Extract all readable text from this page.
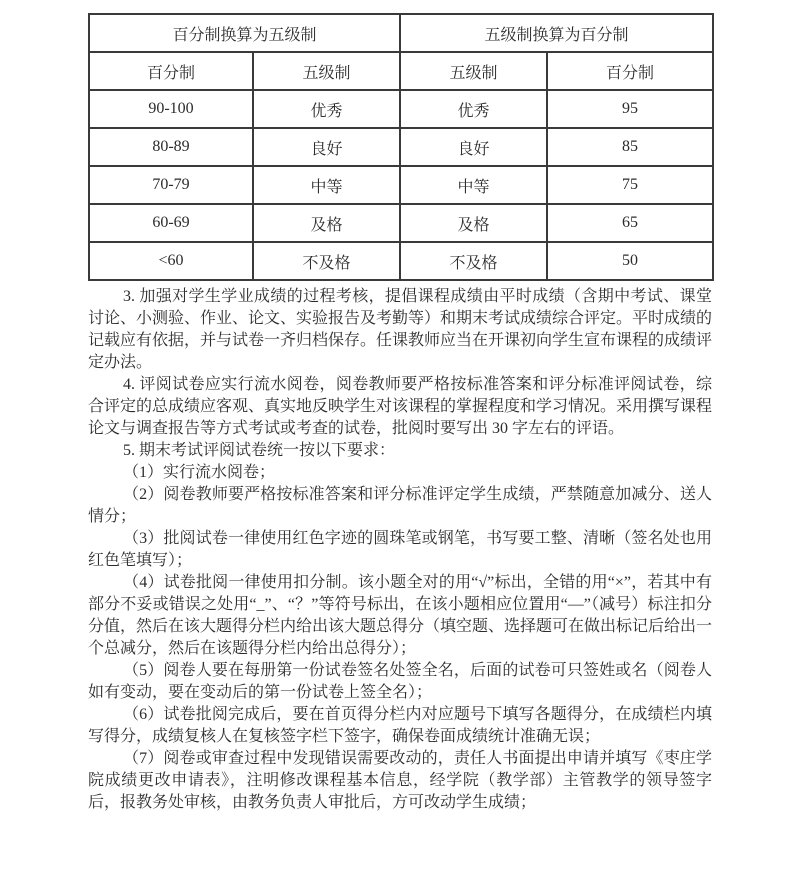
百分制换算为五级制		五级制换算为百分制	
百分制	五级制	五级制	百分制
90-100	优秀	优秀	95
80-89	良好	良好	85
70-79	中等	中等	75
60-69	及格	及格	65
<60	不及格	不及格	50

3. 加强对学生学业成绩的过程考核，提倡课程成绩由平时成绩（含期中考试、课堂讨论、小测验、作业、论文、实验报告及考勤等）和期末考试成绩综合评定。平时成绩的记载应有依据，并与试卷一齐归档保存。任课教师应当在开课初向学生宣布课程的成绩评定办法。

4. 评阅试卷应实行流水阅卷，阅卷教师要严格按标准答案和评分标准评阅试卷，综合评定的总成绩应客观、真实地反映学生对该课程的掌握程度和学习情况。采用撰写课程论文与调查报告等方式考试或考查的试卷，批阅时要写出 30 字左右的评语。

5. 期末考试评阅试卷统一按以下要求：

（1）实行流水阅卷；

（2）阅卷教师要严格按标准答案和评分标准评定学生成绩，严禁随意加减分、送人情分；

（3）批阅试卷一律使用红色字迹的圆珠笔或钢笔，书写要工整、清晰（签名处也用红色笔填写）；

（4）试卷批阅一律使用扣分制。该小题全对的用“√”标出，全错的用“×”，若其中有部分不妥或错误之处用“_”、“？”等符号标出，在该小题相应位置用“—”（减号）标注扣分分值，然后在该大题得分栏内给出该大题总得分（填空题、选择题可在做出标记后给出一个总减分，然后在该题得分栏内给出总得分）；

（5）阅卷人要在每册第一份试卷签名处签全名，后面的试卷可只签姓或名（阅卷人如有变动，要在变动后的第一份试卷上签全名）；

（6）试卷批阅完成后，要在首页得分栏内对应题号下填写各题得分，在成绩栏内填写得分，成绩复核人在复核签字栏下签字，确保卷面成绩统计准确无误；

（7）阅卷或审查过程中发现错误需要改动的，责任人书面提出申请并填写《枣庄学院成绩更改申请表》，注明修改课程基本信息，经学院（教学部）主管教学的领导签字后，报教务处审核，由教务负责人审批后，方可改动学生成绩；
